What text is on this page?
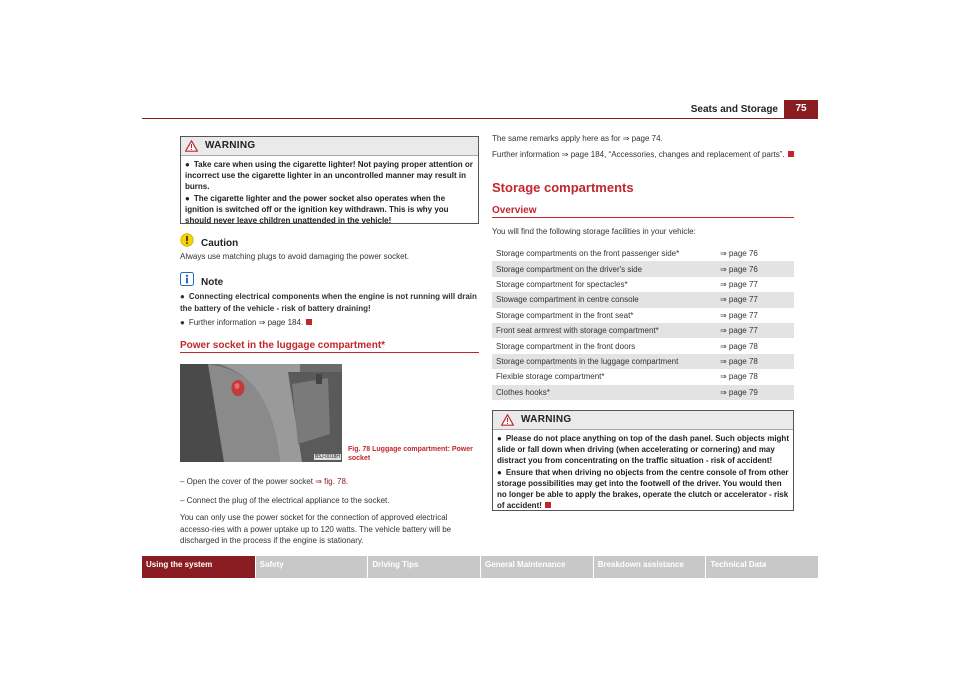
Seats and Storage	75
WARNING

● Take care when using the cigarette lighter! Not paying proper attention or incorrect use the cigarette lighter in an uncontrolled manner may result in burns.

● The cigarette lighter and the power socket also operates when the ignition is switched off or the ignition key withdrawn. This is why you should never leave children unattended in the vehicle!

Caution
Always use matching plugs to avoid damaging the power socket.
Note

● Connecting electrical components when the engine is not running will drain the battery of the vehicle - risk of battery draining!

● Further information ⇒ page 184.

Power socket in the luggage compartment*
B5J-0018H
Fig. 78 Luggage compartment: Power socket

– Open the cover of the power socket ⇒ fig. 78.

– Connect the plug of the electrical appliance to the socket.

You can only use the power socket for the connection of approved electrical accesso-ries with a power uptake up to 120 watts. The vehicle battery will be discharged in the process if the engine is stationary.

The same remarks apply here as for ⇒ page 74.

Further information ⇒ page 184, “Accessories, changes and replacement of parts”.

Storage compartments
Overview
You will find the following storage facilities in your vehicle:
Storage compartments on the front passenger side*	⇒ page 76
Storage compartment on the driver's side	⇒ page 76
Storage compartment for spectacles*	⇒ page 77
Stowage compartment in centre console	⇒ page 77
Storage compartment in the front seat*	⇒ page 77
Front seat armrest with storage compartment*	⇒ page 77
Storage compartment in the front doors	⇒ page 78
Storage compartments in the luggage compartment	⇒ page 78
Flexible storage compartment*	⇒ page 78
Clothes hooks*	⇒ page 79
WARNING

● Please do not place anything on top of the dash panel. Such objects might slide or fall down when driving (when accelerating or cornering) and may distract you from concentrating on the traffic situation - risk of accident!

● Ensure that when driving no objects from the centre console of from other storage possibilities may get into the footwell of the driver. You would then no longer be able to apply the brakes, operate the clutch or accelerator - risk of accident!

Using the system	Safety	Driving Tips	General Maintenance	Breakdown assistance	Technical Data
